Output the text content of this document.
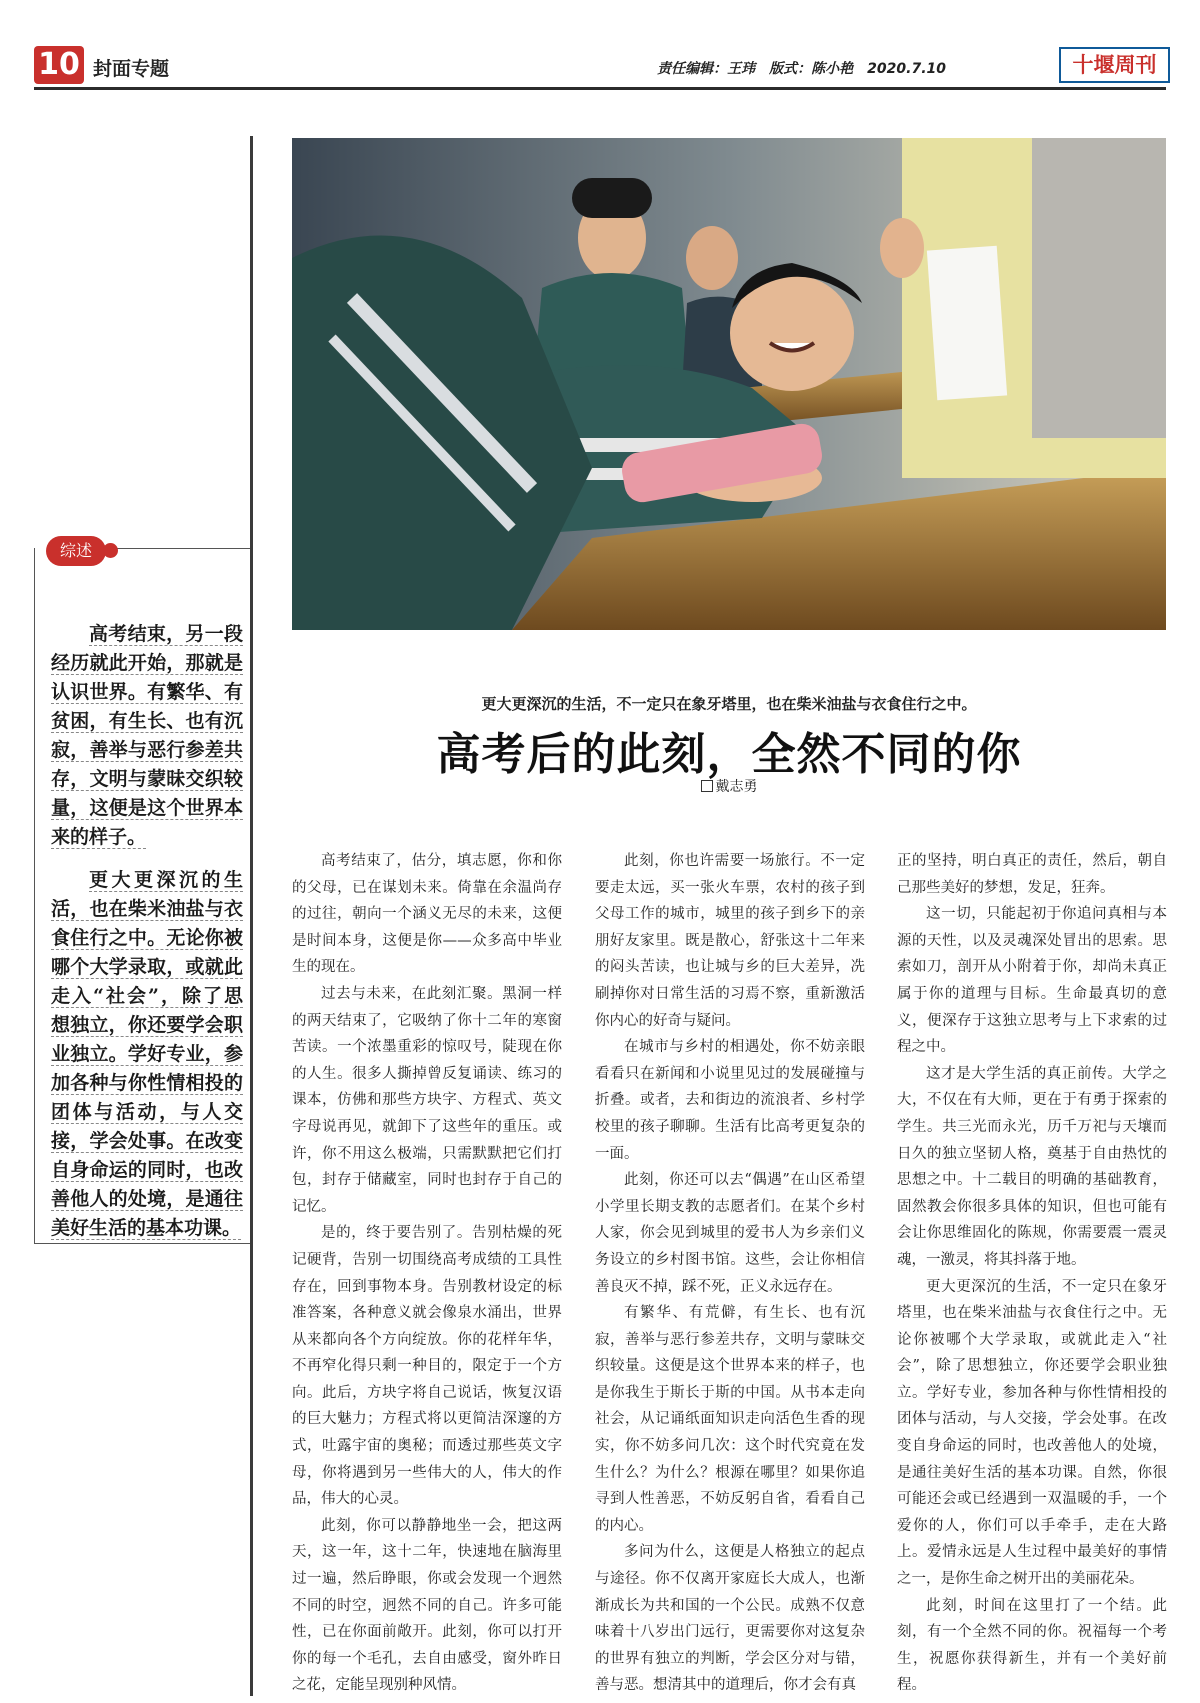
10 封面专题	责任编辑：王玮　版式：陈小艳　2020.7.10	十堰周刊
综述

高考结束，另一段经历就此开始，那就是认识世界。有繁华、有贫困，有生长、也有沉寂，善举与恶行参差共存，文明与蒙昧交织较量，这便是这个世界本来的样子。

更大更深沉的生活，也在柴米油盐与衣食住行之中。无论你被哪个大学录取，或就此走入“社会”，除了思想独立，你还要学会职业独立。学好专业，参加各种与你性情相投的团体与活动，与人交接，学会处事。在改变自身命运的同时，也改善他人的处境，是通往美好生活的基本功课。

更大更深沉的生活，不一定只在象牙塔里，也在柴米油盐与衣食住行之中。
高考后的此刻，全然不同的你
戴志勇

高考结束了，估分，填志愿，你和你的父母，已在谋划未来。倚靠在余温尚存的过往，朝向一个涵义无尽的未来，这便是时间本身，这便是你——众多高中毕业生的现在。

过去与未来，在此刻汇聚。黑洞一样的两天结束了，它吸纳了你十二年的寒窗苦读。一个浓墨重彩的惊叹号，陡现在你的人生。很多人撕掉曾反复诵读、练习的课本，仿佛和那些方块字、方程式、英文字母说再见，就卸下了这些年的重压。或许，你不用这么极端，只需默默把它们打包，封存于储藏室，同时也封存于自己的记忆。

是的，终于要告别了。告别枯燥的死记硬背，告别一切围绕高考成绩的工具性存在，回到事物本身。告别教材设定的标准答案，各种意义就会像泉水涌出，世界从来都向各个方向绽放。你的花样年华，不再窄化得只剩一种目的，限定于一个方向。此后，方块字将自己说话，恢复汉语的巨大魅力；方程式将以更简洁深邃的方式，吐露宇宙的奥秘；而透过那些英文字母，你将遇到另一些伟大的人，伟大的作品，伟大的心灵。

此刻，你可以静静地坐一会，把这两天，这一年，这十二年，快速地在脑海里过一遍，然后睁眼，你或会发现一个迥然不同的时空，迥然不同的自己。许多可能性，已在你面前敞开。此刻，你可以打开你的每一个毛孔，去自由感受，窗外昨日之花，定能呈现别种风情。

此刻，你也许需要一场旅行。不一定要走太远，买一张火车票，农村的孩子到父母工作的城市，城里的孩子到乡下的亲朋好友家里。既是散心，舒张这十二年来的闷头苦读，也让城与乡的巨大差异，冼刷掉你对日常生活的习焉不察，重新激活你内心的好奇与疑问。

在城市与乡村的相遇处，你不妨亲眼看看只在新闻和小说里见过的发展碰撞与折叠。或者，去和街边的流浪者、乡村学校里的孩子聊聊。生活有比高考更复杂的一面。

此刻，你还可以去“偶遇”在山区希望小学里长期支教的志愿者们。在某个乡村人家，你会见到城里的爱书人为乡亲们义务设立的乡村图书馆。这些，会让你相信善良灭不掉，踩不死，正义永远存在。

有繁华、有荒僻，有生长、也有沉寂，善举与恶行参差共存，文明与蒙昧交织较量。这便是这个世界本来的样子，也是你我生于斯长于斯的中国。从书本走向社会，从记诵纸面知识走向活色生香的现实，你不妨多问几次：这个时代究竟在发生什么？为什么？根源在哪里？如果你追寻到人性善恶，不妨反躬自省，看看自己的内心。

多问为什么，这便是人格独立的起点与途径。你不仅离开家庭长大成人，也渐渐成长为共和国的一个公民。成熟不仅意味着十八岁出门远行，更需要你对这复杂的世界有独立的判断，学会区分对与错，善与恶。想清其中的道理后，你才会有真

正的坚持，明白真正的责任，然后，朝自己那些美好的梦想，发足，狂奔。

这一切，只能起初于你追问真相与本源的天性，以及灵魂深处冒出的思索。思索如刀，剖开从小附着于你，却尚未真正属于你的道理与目标。生命最真切的意义，便深存于这独立思考与上下求索的过程之中。

这才是大学生活的真正前传。大学之大，不仅在有大师，更在于有勇于探索的学生。共三光而永光，历千万祀与天壤而日久的独立坚韧人格，奠基于自由热忱的思想之中。十二载目的明确的基础教育，固然教会你很多具体的知识，但也可能有会让你思维固化的陈规，你需要震一震灵魂，一激灵，将其抖落于地。

更大更深沉的生活，不一定只在象牙塔里，也在柴米油盐与衣食住行之中。无论你被哪个大学录取，或就此走入“社会”，除了思想独立，你还要学会职业独立。学好专业，参加各种与你性情相投的团体与活动，与人交接，学会处事。在改变自身命运的同时，也改善他人的处境，是通往美好生活的基本功课。自然，你很可能还会或已经遇到一双温暖的手，一个爱你的人，你们可以手牵手，走在大路上。爱情永远是人生过程中最美好的事情之一，是你生命之树开出的美丽花朵。

此刻，时间在这里打了一个结。此刻，有一个全然不同的你。祝福每一个考生，祝愿你获得新生，并有一个美好前程。
